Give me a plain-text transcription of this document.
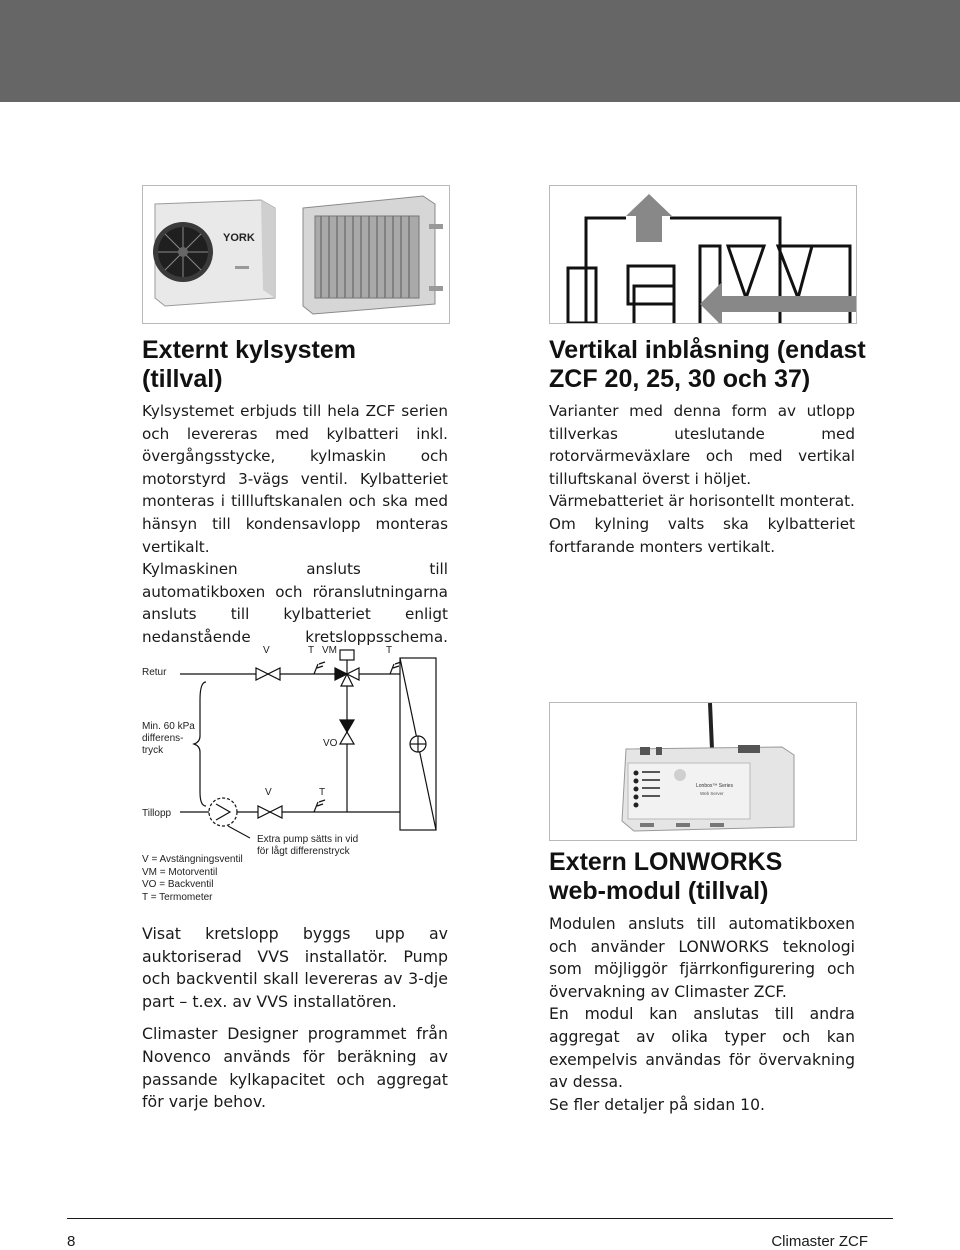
YORK
Externt kylsystem
(tillval)

Kylsystemet erbjuds till hela ZCF serien och levereras med kylbatteri inkl. övergångsstycke, kylmaskin och motorstyrd 3-vägs ventil. Kylbatteriet monteras i tillluftskanalen och ska med hänsyn till kondensavlopp monteras vertikalt.

Kylmaskinen ansluts till automatikboxen och röranslutningarna ansluts till kylbatteriet enligt nedanstående kretsloppsschema.

Vertikal inblåsning (endast
ZCF 20, 25, 30 och 37)

Varianter med denna form av utlopp tillverkas uteslutande med rotorvärmeväxlare och med vertikal tilluftskanal överst i höljet.

Värmebatteriet är horisontellt monterat.

Om kylning valts ska kylbatteriet fortfarande monters vertikalt.

Retur
Tillopp
V	T VM	T
Min. 60 kPa
differens-
tryck
VO
V	T
Extra pump sätts in vid
för lågt differenstryck
V = Avstängningsventil
VM = Motorventil
VO = Backventil
T = Termometer

Visat kretslopp byggs upp av auktoriserad VVS installatör. Pump och backventil skall levereras av 3-dje part – t.ex. av VVS installatören.

Climaster Designer programmet från Novenco används för beräkning av passande kylkapacitet och aggregat för varje behov.

Lonbox™ Series
Web Server
Extern LONWORKS
web-modul (tillval)

Modulen ansluts till automatikboxen och använder LONWORKS teknologi som möjliggör fjärrkonfigurering och övervakning av Climaster ZCF.

En modul kan anslutas till andra aggregat av olika typer och kan exempelvis användas för övervakning av dessa.

Se fler detaljer på sidan 10.

8	Climaster ZCF
